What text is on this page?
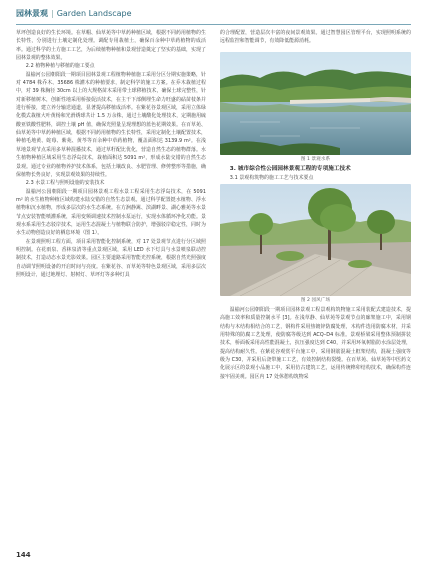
园林景观 | Garden Landscape

草坪创造良好的生长环境。在草帽、仙草苑等中草药种植区域，根据不同药用植物的生长特性，分别进行土壤定制化处理。调配专用栽植土，确保百余种中草药植物的成活率。通过科学的土方施工工艺，为后续植物种植和景观营造奠定了坚实的基础，实现了园林景观的整体效果。

2.2 植物种植与移植的施工要点

温榆河公园朝阳段一期项目园林景观工程植物种植施工采用分区分期实施策略，针对 4784 株乔木、35686 株灌木的种植要求，制定科学的施工方案。在乔木栽植过程中，对 39 株胸径 30cm 以上的大规格苗木采用带土球移植技术，确保土球完整性，针对新移植树木，创新性地采用桥接促活技术，在主干下部侧埋生命力旺盛的砧苗枝条并进行桥接，建立养分输送通道，显著提高移植成活率。在紫花谷景观区域，采用立体绿化模式栽植大叶黄杨和光滑绣球共计 1.5 万余株，通过土壤酸化处理技术，定期施用硫酸亚铁酸性肥料，调控土壤 pH 值，确保光照量呈现理想的蓝色花期效果。在百草苑、仙草苑等中草药种植区域，根据不同药用植物的生长特性，采用定制化土壤配置技术，种植毛地黄、蛇莓、紫苑、黄芩等百余种中草药植物，覆盖面积达 3139.9 m²。在浅草地景观节点采用多草种混播技术，通过草籽配比优化，营造自然生态的植物群落。水生植物种植区域采用生态浮岛技术，栽植面积达 5091 m²，形成水陆交错的自然生态景观。通过专业的植物养护技术体系，包括土壤改良、水肥管理、修剪整形等措施，确保植物长势良好，实现景观效果的持续性。

2.3 水景工程与照明设施的安装技术

温榆河公园朝阳段一期项目园林景观工程水景工程采用生态浮岛技术，在 5091 m² 的水生植物种植区域构建水陆交错的自然生态景观。通过科学配置挺水植物、浮水植物和沉水植物，形成多层次的水生态系统。在方涧静篱、滨湖畔景、湖心雅苑等水景节点安装智能喷灌系统，采用变频调速技术控制水泵运行，实现水体循环净化功能。景观水系采用生态驳岸技术，运用生态混凝土与植物联合防护，增强驳岸稳定性，同时为水生动物创造良好的栖息环境（图 1）。

在景观照明工程方面，项目采用智能化控制系统，对 17 处景观节点进行分区域照明控制。在花雨泉、香林泉清等重点景观区域，采用 LED 水下灯具与水景喷泉联动控制技术，打造动态水景光影效果。园区主要道路采用智能光控系统，根据自然光照强度自动调节照明设备的开启时间与亮度。在紫花谷、百草苑等特色景观区域，采用多层次照明设计，通过地埋灯、射树灯、草坪灯等多种灯具

的合理配置，营造层次丰富的夜间景观效果。通过智慧园区管理平台，实现照明系统的远程监控和智能调节，有效降低能源消耗。

图 1 景观水系

3. 城市综合性公园园林景观工程的专项施工技术

3.1 景观构筑物的施工工艺与技术要点

图 2 园风广场

温榆河公园朝阳段一期项目园林景观工程景观构筑物施工采用装配式建造技术，提高施工效率和质量控制水平 [3]。在浅草静、仙草苑等景观节点的廊架施工中，采用钢结构与木结构相结合的工艺，钢构件采用热镀锌防腐处理，木构件选用防腐木材，并采用特殊的防腐工艺处理，使防腐等级达到 ACQ–D4 标准。景观桥梁采用整体预制拼装技术，桥面板采用高性能混凝土，抗压强度达到 C40，并采用环氧树脂防水涂层处理，提高结构耐久性。在紫花谷观赏平台施工中，采用钢筋混凝土框架结构，混凝土强度等级为 C30，并采用后浇带施工工艺，有效控制结构裂缝。在百草苑、仙草苑等中医药文化展示区的景观小品施工中，采用仿古建筑工艺，运用传统榫卯结构技术，确保构件连接牢固美观。园区内 17 处休憩构筑物采

144
